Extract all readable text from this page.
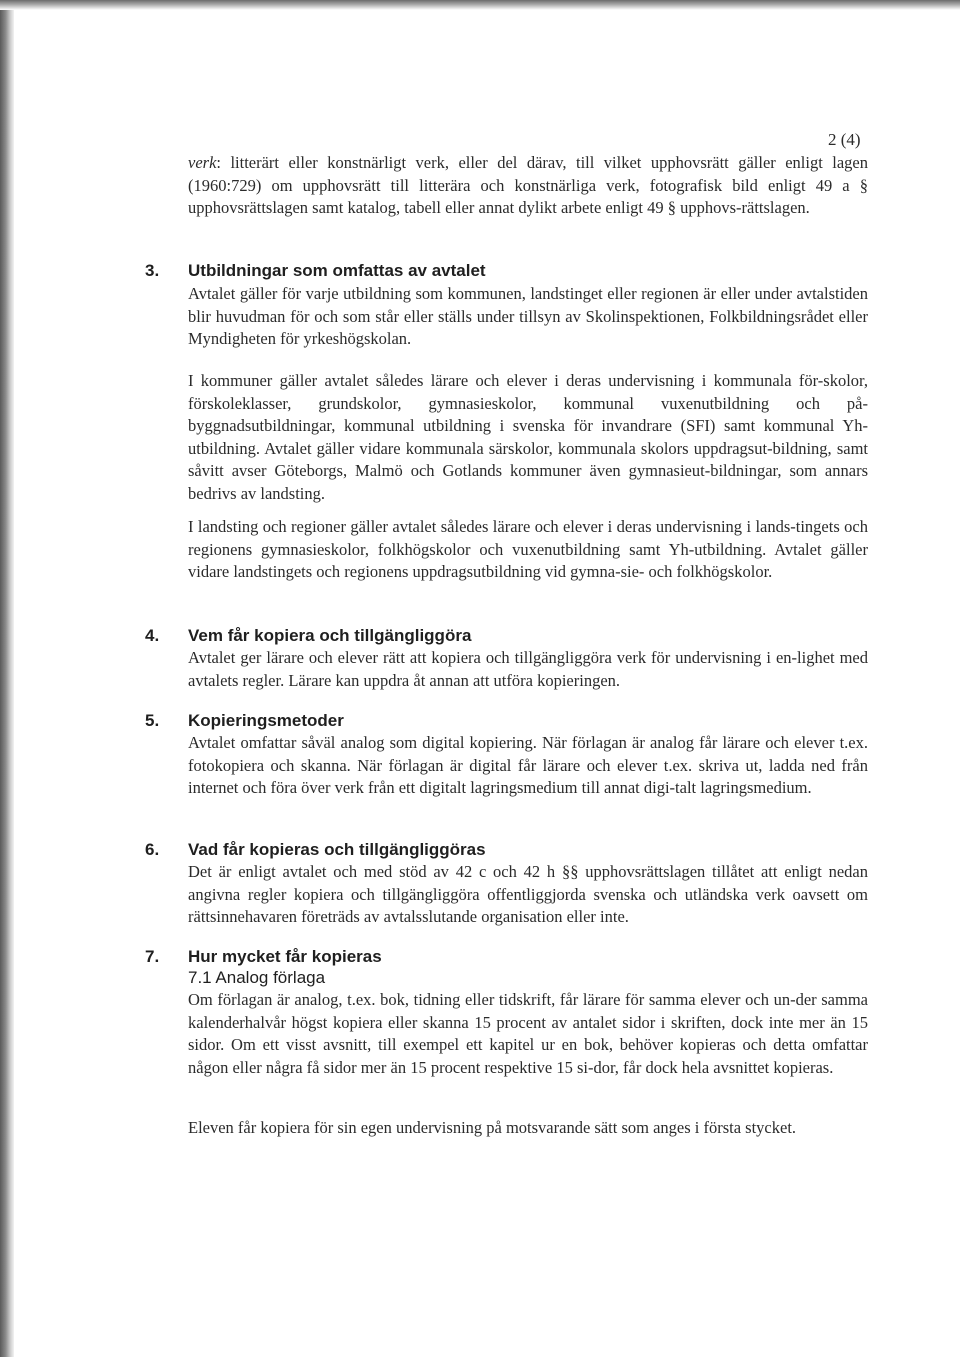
2 (4)

verk: litterärt eller konstnärligt verk, eller del därav, till vilket upphovsrätt gäller enligt lagen (1960:729) om upphovsrätt till litterära och konstnärliga verk, fotografisk bild enligt 49 a § upphovsrättslagen samt katalog, tabell eller annat dylikt arbete enligt 49 § upphovs-rättslagen.

3. Utbildningar som omfattas av avtalet

Avtalet gäller för varje utbildning som kommunen, landstinget eller regionen är eller under avtalstiden blir huvudman för och som står eller ställs under tillsyn av Skolinspektionen, Folkbildningsrådet eller Myndigheten för yrkeshögskolan.

I kommuner gäller avtalet således lärare och elever i deras undervisning i kommunala för-skolor, förskoleklasser, grundskolor, gymnasieskolor, kommunal vuxenutbildning och på-byggnadsutbildningar, kommunal utbildning i svenska för invandrare (SFI) samt kommunal Yh-utbildning. Avtalet gäller vidare kommunala särskolor, kommunala skolors uppdragsut-bildning, samt såvitt avser Göteborgs, Malmö och Gotlands kommuner även gymnasieut-bildningar, som annars bedrivs av landsting.

I landsting och regioner gäller avtalet således lärare och elever i deras undervisning i lands-tingets och regionens gymnasieskolor, folkhögskolor och vuxenutbildning samt Yh-utbildning. Avtalet gäller vidare landstingets och regionens uppdragsutbildning vid gymna-sie- och folkhögskolor.

4. Vem får kopiera och tillgängliggöra

Avtalet ger lärare och elever rätt att kopiera och tillgängliggöra verk för undervisning i en-lighet med avtalets regler. Lärare kan uppdra åt annan att utföra kopieringen.

5. Kopieringsmetoder

Avtalet omfattar såväl analog som digital kopiering. När förlagan är analog får lärare och elever t.ex. fotokopiera och skanna. När förlagan är digital får lärare och elever t.ex. skriva ut, ladda ned från internet och föra över verk från ett digitalt lagringsmedium till annat digi-talt lagringsmedium.

6. Vad får kopieras och tillgängliggöras

Det är enligt avtalet och med stöd av 42 c och 42 h §§ upphovsrättslagen tillåtet att enligt nedan angivna regler kopiera och tillgängliggöra offentliggjorda svenska och utländska verk oavsett om rättsinnehavaren företräds av avtalsslutande organisation eller inte.

7. Hur mycket får kopieras
7.1 Analog förlaga

Om förlagan är analog, t.ex. bok, tidning eller tidskrift, får lärare för samma elever och un-der samma kalenderhalvår högst kopiera eller skanna 15 procent av antalet sidor i skriften, dock inte mer än 15 sidor. Om ett visst avsnitt, till exempel ett kapitel ur en bok, behöver kopieras och detta omfattar någon eller några få sidor mer än 15 procent respektive 15 si-dor, får dock hela avsnittet kopieras.

Eleven får kopiera för sin egen undervisning på motsvarande sätt som anges i första stycket.
